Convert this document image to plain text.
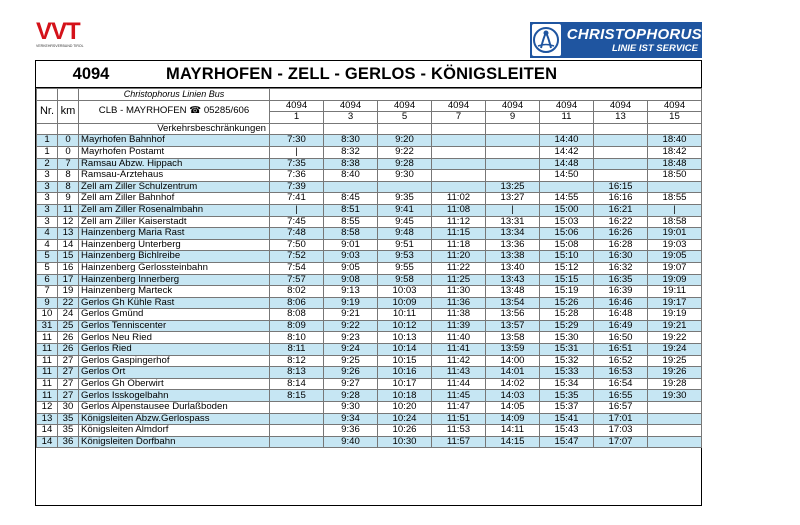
VVT
VERKEHRSVERBUND TIROL
CHRISTOPHORUS
LINIE IST SERVICE
4094	MAYRHOFEN - ZELL - GERLOS - KÖNIGSLEITEN
		Christophorus Linien Bus								
Nr.	km	CLB - MAYRHOFEN ☎ 05285/606	4094	4094	4094	4094	4094	4094	4094	4094
			1	3	5	7	9	11	13	15
		Verkehrsbeschränkungen								
1	0	Mayrhofen Bahnhof	7:30	8:30	9:20			14:40		18:40
1	0	Mayrhofen Postamt	|	8:32	9:22			14:42		18:42
2	7	Ramsau Abzw. Hippach	7:35	8:38	9:28			14:48		18:48
3	8	Ramsau-Arztehaus	7:36	8:40	9:30			14:50		18:50
3	8	Zell am Ziller Schulzentrum	7:39				13:25		16:15	
3	9	Zell am Ziller Bahnhof	7:41	8:45	9:35	11:02	13:27	14:55	16:16	18:55
3	11	Zell am Ziller Rosenalmbahn	|	8:51	9:41	11:08	|	15:00	16:21	|
3	12	Zell am Ziller Kaiserstadt	7:45	8:55	9:45	11:12	13:31	15:03	16:22	18:58
4	13	Hainzenberg Maria Rast	7:48	8:58	9:48	11:15	13:34	15:06	16:26	19:01
4	14	Hainzenberg Unterberg	7:50	9:01	9:51	11:18	13:36	15:08	16:28	19:03
5	15	Hainzenberg Bichlreibe	7:52	9:03	9:53	11:20	13:38	15:10	16:30	19:05
5	16	Hainzenberg Gerlossteinbahn	7:54	9:05	9:55	11:22	13:40	15:12	16:32	19:07
6	17	Hainzenberg Innerberg	7:57	9:08	9:58	11:25	13:43	15:15	16:35	19:09
7	19	Hainzenberg Marteck	8:02	9:13	10:03	11:30	13:48	15:19	16:39	19:11
9	22	Gerlos Gh Kühle Rast	8:06	9:19	10:09	11:36	13:54	15:26	16:46	19:17
10	24	Gerlos Gmünd	8:08	9:21	10:11	11:38	13:56	15:28	16:48	19:19
31	25	Gerlos Tenniscenter	8:09	9:22	10:12	11:39	13:57	15:29	16:49	19:21
11	26	Gerlos Neu Ried	8:10	9:23	10:13	11:40	13:58	15:30	16:50	19:22
11	26	Gerlos Ried	8:11	9:24	10:14	11:41	13:59	15:31	16:51	19:24
11	27	Gerlos Gaspingerhof	8:12	9:25	10:15	11:42	14:00	15:32	16:52	19:25
11	27	Gerlos Ort	8:13	9:26	10:16	11:43	14:01	15:33	16:53	19:26
11	27	Gerlos Gh Oberwirt	8:14	9:27	10:17	11:44	14:02	15:34	16:54	19:28
11	27	Gerlos Isskogelbahn	8:15	9:28	10:18	11:45	14:03	15:35	16:55	19:30
12	30	Gerlos Alpenstausee Durlaßboden		9:30	10:20	11:47	14:05	15:37	16:57	
13	35	Königsleiten Abzw.Gerlospass		9:34	10:24	11:51	14:09	15:41	17:01	
14	35	Königsleiten Almdorf		9:36	10:26	11:53	14:11	15:43	17:03	
14	36	Königsleiten Dorfbahn		9:40	10:30	11:57	14:15	15:47	17:07	
